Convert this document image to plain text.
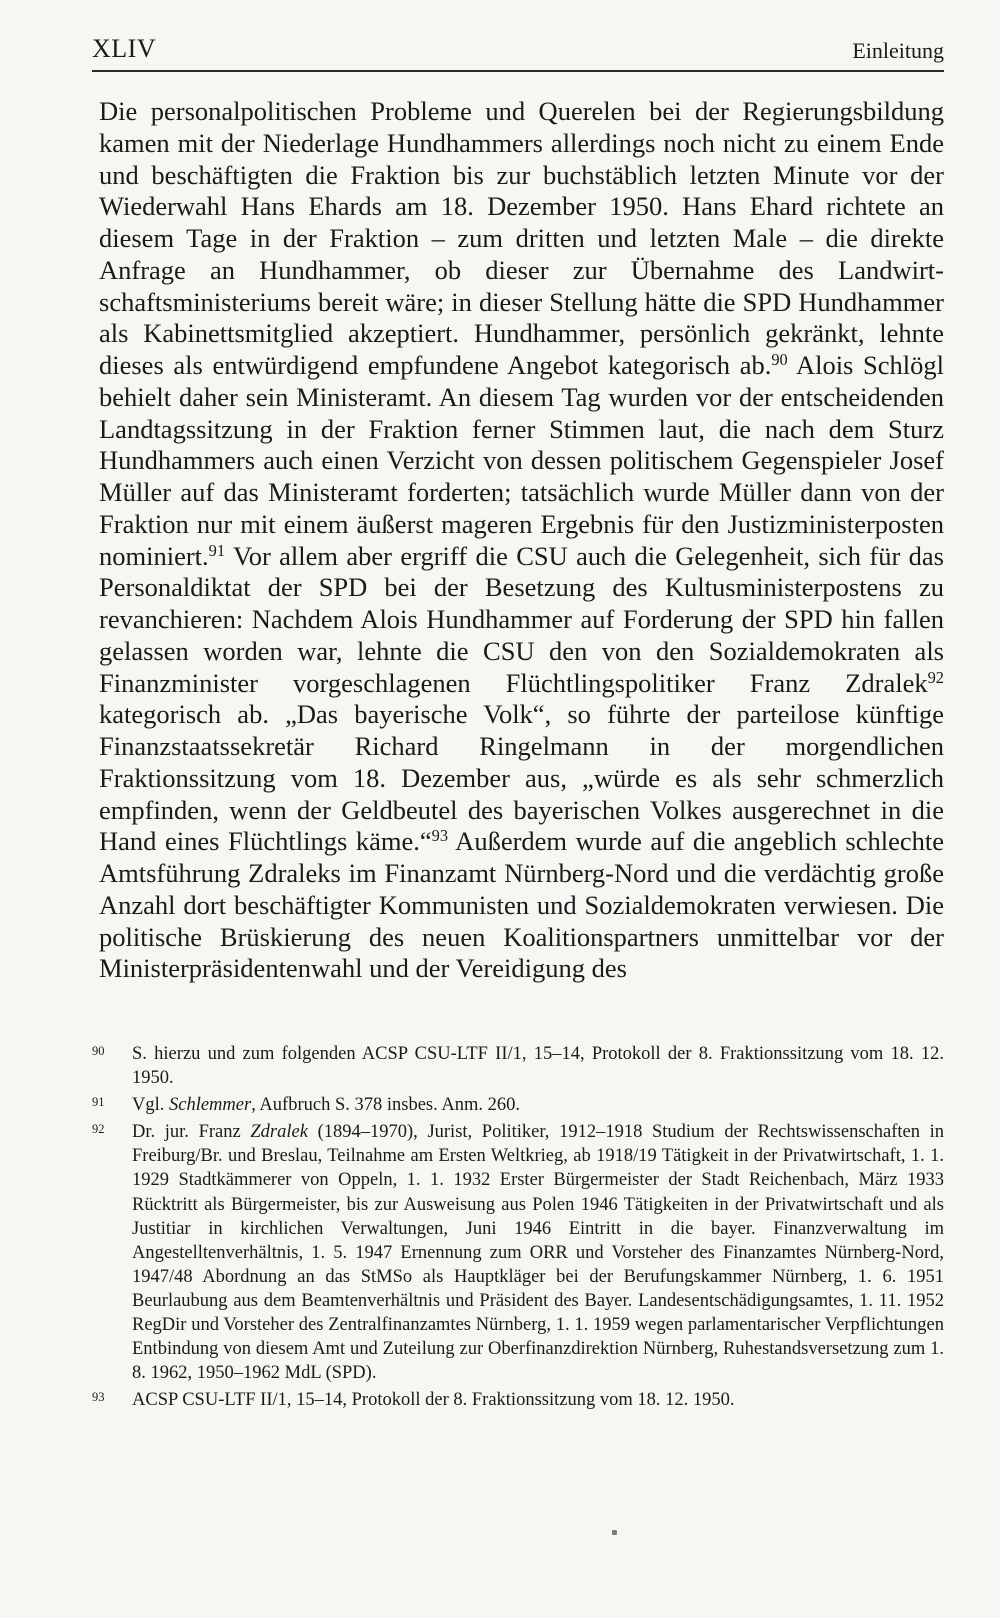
XLIV	Einleitung

Die personalpolitischen Probleme und Querelen bei der Regierungsbildung kamen mit der Niederlage Hundhammers allerdings noch nicht zu einem Ende und beschäftigten die Fraktion bis zur buchstäblich letzten Minute vor der Wiederwahl Hans Ehards am 18. Dezember 1950. Hans Ehard richtete an diesem Tage in der Fraktion – zum dritten und letzten Male – die direkte Anfrage an Hundhammer, ob dieser zur Übernahme des Landwirtschaftsministeriums bereit wäre; in dieser Stellung hätte die SPD Hundhammer als Kabinettsmitglied akzeptiert. Hundhammer, persönlich gekränkt, lehnte dieses als entwürdigend empfundene Angebot kategorisch ab.$^{90}$ Alois Schlögl behielt daher sein Ministeramt. An diesem Tag wurden vor der entscheidenden Landtagssitzung in der Fraktion ferner Stimmen laut, die nach dem Sturz Hundhammers auch einen Verzicht von dessen politischem Gegenspieler Josef Müller auf das Ministeramt forderten; tatsächlich wurde Müller dann von der Fraktion nur mit einem äußerst mageren Ergebnis für den Justizministerposten nominiert.$^{91}$ Vor allem aber ergriff die CSU auch die Gelegenheit, sich für das Personaldiktat der SPD bei der Besetzung des Kultusministerpostens zu revanchieren: Nachdem Alois Hundhammer auf Forderung der SPD hin fallen gelassen worden war, lehnte die CSU den von den Sozialdemokraten als Finanzminister vorgeschlagenen Flüchtlingspolitiker Franz Zdralek$^{92}$ kategorisch ab. „Das bayerische Volk“, so führte der parteilose künftige Finanzstaatssekretär Richard Ringelmann in der morgendlichen Fraktionssitzung vom 18. Dezember aus, „würde es als sehr schmerzlich empfinden, wenn der Geldbeutel des bayerischen Volkes ausgerechnet in die Hand eines Flüchtlings käme.“$^{93}$ Außerdem wurde auf die angeblich schlechte Amtsführung Zdraleks im Finanzamt Nürnberg-Nord und die verdächtig große Anzahl dort beschäftigter Kommunisten und Sozialdemokraten verwiesen. Die politische Brüskierung des neuen Koalitionspartners unmittelbar vor der Ministerpräsidentenwahl und der Vereidigung des

90 S. hierzu und zum folgenden ACSP CSU-LTF II/1, 15–14, Protokoll der 8. Fraktionssitzung vom 18. 12. 1950.
91 Vgl. Schlemmer, Aufbruch S. 378 insbes. Anm. 260.
92 Dr. jur. Franz Zdralek (1894–1970), Jurist, Politiker, 1912–1918 Studium der Rechtswissenschaften in Freiburg/Br. und Breslau, Teilnahme am Ersten Weltkrieg, ab 1918/19 Tätigkeit in der Privatwirtschaft, 1. 1. 1929 Stadtkämmerer von Oppeln, 1. 1. 1932 Erster Bürgermeister der Stadt Reichenbach, März 1933 Rücktritt als Bürgermeister, bis zur Ausweisung aus Polen 1946 Tätigkeiten in der Privatwirtschaft und als Justitiar in kirchlichen Verwaltungen, Juni 1946 Eintritt in die bayer. Finanzverwaltung im Angestelltenverhältnis, 1. 5. 1947 Ernennung zum ORR und Vorsteher des Finanzamtes Nürnberg-Nord, 1947/48 Abordnung an das StMSo als Hauptkläger bei der Berufungskammer Nürnberg, 1. 6. 1951 Beurlaubung aus dem Beamtenverhältnis und Präsident des Bayer. Landesentschädigungsamtes, 1. 11. 1952 RegDir und Vorsteher des Zentralfinanzamtes Nürnberg, 1. 1. 1959 wegen parlamentarischer Verpflichtungen Entbindung von diesem Amt und Zuteilung zur Oberfinanzdirektion Nürnberg, Ruhestandsversetzung zum 1. 8. 1962, 1950–1962 MdL (SPD).
93 ACSP CSU-LTF II/1, 15–14, Protokoll der 8. Fraktionssitzung vom 18. 12. 1950.
